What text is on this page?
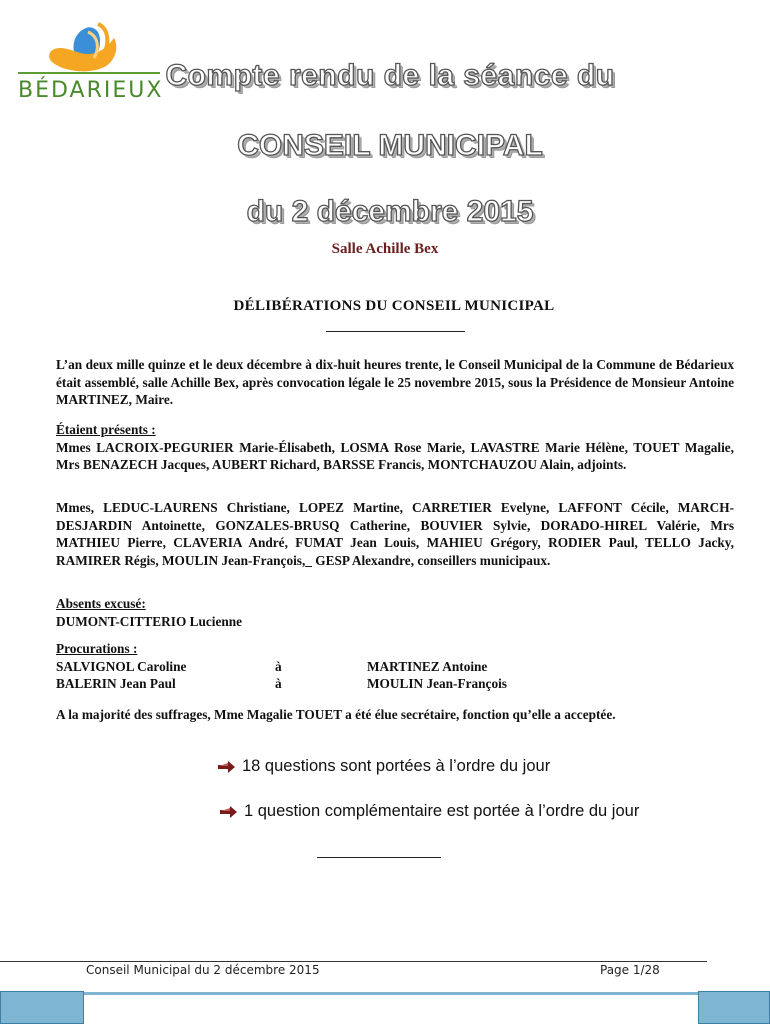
BÉDARIEUX Compte rendu de la séance du
CONSEIL MUNICIPAL
du 2 décembre 2015
Salle Achille Bex
DÉLIBÉRATIONS DU CONSEIL MUNICIPAL
L’an deux mille quinze et le deux décembre à dix-huit heures trente, le Conseil Municipal de la Commune de Bédarieux était assemblé, salle Achille Bex, après convocation légale le 25 novembre 2015, sous la Présidence de Monsieur Antoine MARTINEZ, Maire.
Étaient présents :
Mmes LACROIX-PEGURIER Marie-Élisabeth, LOSMA Rose Marie, LAVASTRE Marie Hélène, TOUET Magalie, Mrs BENAZECH Jacques, AUBERT Richard, BARSSE Francis, MONTCHAUZOU Alain, adjoints.
Mmes, LEDUC-LAURENS Christiane, LOPEZ Martine, CARRETIER Evelyne, LAFFONT Cécile, MARCH-DESJARDIN Antoinette, GONZALES-BRUSQ Catherine, BOUVIER Sylvie, DORADO-HIREL Valérie, Mrs MATHIEU Pierre, CLAVERIA André, FUMAT Jean Louis, MAHIEU Grégory, RODIER Paul, TELLO Jacky, RAMIRER Régis, MOULIN Jean-François,_ GESP Alexandre, conseillers municipaux.
Absents excusé:
DUMONT-CITTERIO Lucienne
Procurations :
SALVIGNOL Caroline	à	MARTINEZ Antoine
BALERIN Jean Paul	à	MOULIN Jean-François
A la majorité des suffrages, Mme Magalie TOUET a été élue secrétaire, fonction qu’elle a acceptée.
18 questions sont portées à l’ordre du jour
1 question complémentaire est portée à l’ordre du jour
Conseil Municipal du 2 décembre 2015	Page 1/28
